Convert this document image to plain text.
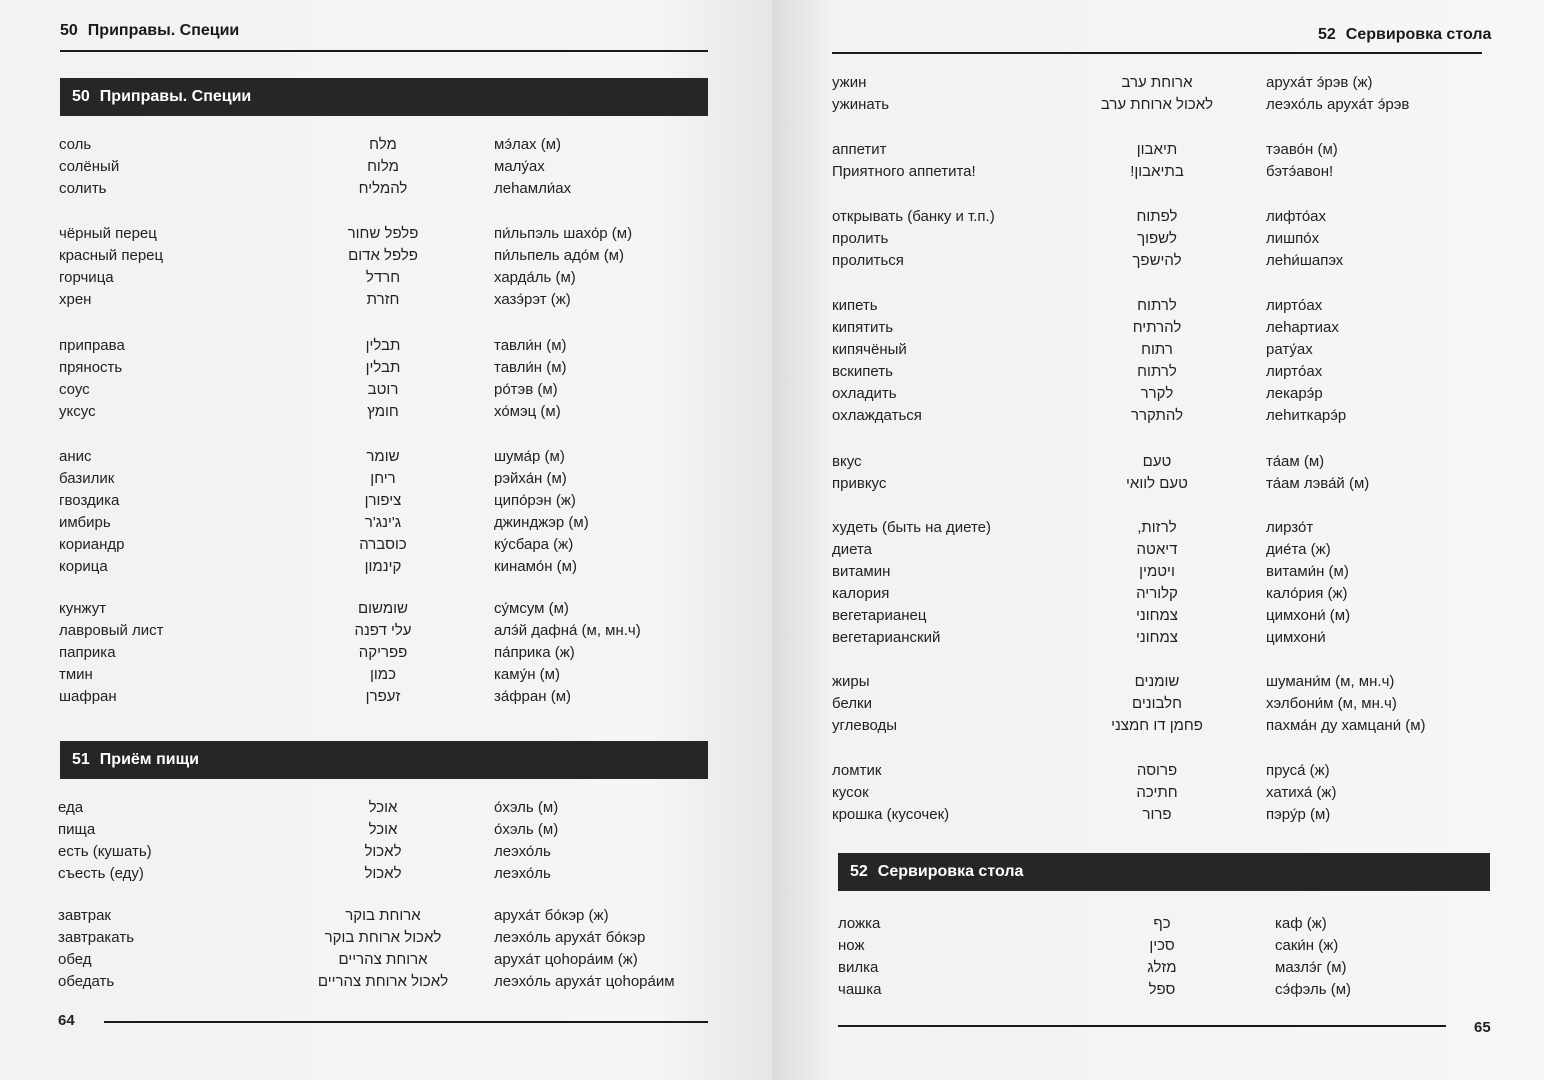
50 Приправы. Специи
50 Приправы. Специи
соль	מלח	мэ́лах (м)
солёный	מלוח	малу́ах
солить	להמליח	леhамли́ах
чёрный перец	פלפל שחור	пи́льпэль шахо́р (м)
красный перец	פלפל אדום	пи́льпель адо́м (м)
горчица	חרדל	харда́ль (м)
хрен	חזרת	хазэ́рэт (ж)
приправа	תבלין	тавли́н (м)
пряность	תבלין	тавли́н (м)
соус	רוטב	ро́тэв (м)
уксус	חומץ	хо́мэц (м)
анис	שומר	шума́р (м)
базилик	ריחן	рэйха́н (м)
гвоздика	ציפורן	ципо́рэн (ж)
имбирь	ג'ינג'ר	джинджэр (м)
кориандр	כוסברה	ку́сбара (ж)
корица	קינמון	кинамо́н (м)
кунжут	שומשום	су́мсум (м)
лавровый лист	עלי דפנה	алэ́й дафна́ (м, мн.ч)
паприка	פפריקה	па́прика (ж)
тмин	כמון	каму́н (м)
шафран	זעפרן	за́фран (м)
51 Приём пищи
еда	אוכל	о́хэль (м)
пища	אוכל	о́хэль (м)
есть (кушать)	לאכול	леэхо́ль
съесть (еду)	לאכול	леэхо́ль
завтрак	ארוחת בוקר	аруха́т бо́кэр (ж)
завтракать	לאכול ארוחת בוקר	леэхо́ль аруха́т бо́кэр
обед	ארוחת צהריים	аруха́т цоhора́им (ж)
обедать	לאכול ארוחת צהריים	леэхо́ль аруха́т цоhора́им
64
52 Сервировка стола
ужин	ארוחת ערב	аруха́т э́рэв (ж)
ужинать	לאכול ארוחת ערב	леэхо́ль аруха́т э́рэв
аппетит	תיאבון	тэаво́н (м)
Приятного аппетита!	בתיאבון!	бэтэ́авон!
открывать (банку и т.п.)	לפתוח	лифто́ах
пролить	לשפוך	лишпо́х
пролиться	להישפך	леhи́шапэх
кипеть	לרתוח	лиртó‌ах
кипятить	להרתיח	леhартиах
кипячёный	רתוח	рату́ах
вскипеть	לרתוח	лиртó‌ах
охладить	לקרר	лекарэ́р
охлаждаться	להתקרר	леhиткарэ́р
вкус	טעם	та́ам (м)
привкус	טעם לוואי	та́ам лэва́й (м)
худеть (быть на диете)	לרזות,	лирзо́т
диета	דיאטה	дие́та (ж)
витамин	ויטמין	витами́н (м)
калория	קלוריה	кало́рия (ж)
вегетарианец	צמחוני	цимхони́ (м)
вегетарианский	צמחוני	цимхони́
жиры	שומנים	шумани́м (м, мн.ч)
белки	חלבונים	хэлбони́м (м, мн.ч)
углеводы	פחמן דו חמצני	пахма́н ду хамцани́ (м)
ломтик	פרוסה	пруса́ (ж)
кусок	חתיכה	хатиха́ (ж)
крошка (кусочек)	פרור	пэру́р (м)
52 Сервировка стола
ложка	כף	каф (ж)
нож	סכין	саки́н (ж)
вилка	מזלג	мазлэ́г (м)
чашка	ספל	сэ́фэль (м)
65
